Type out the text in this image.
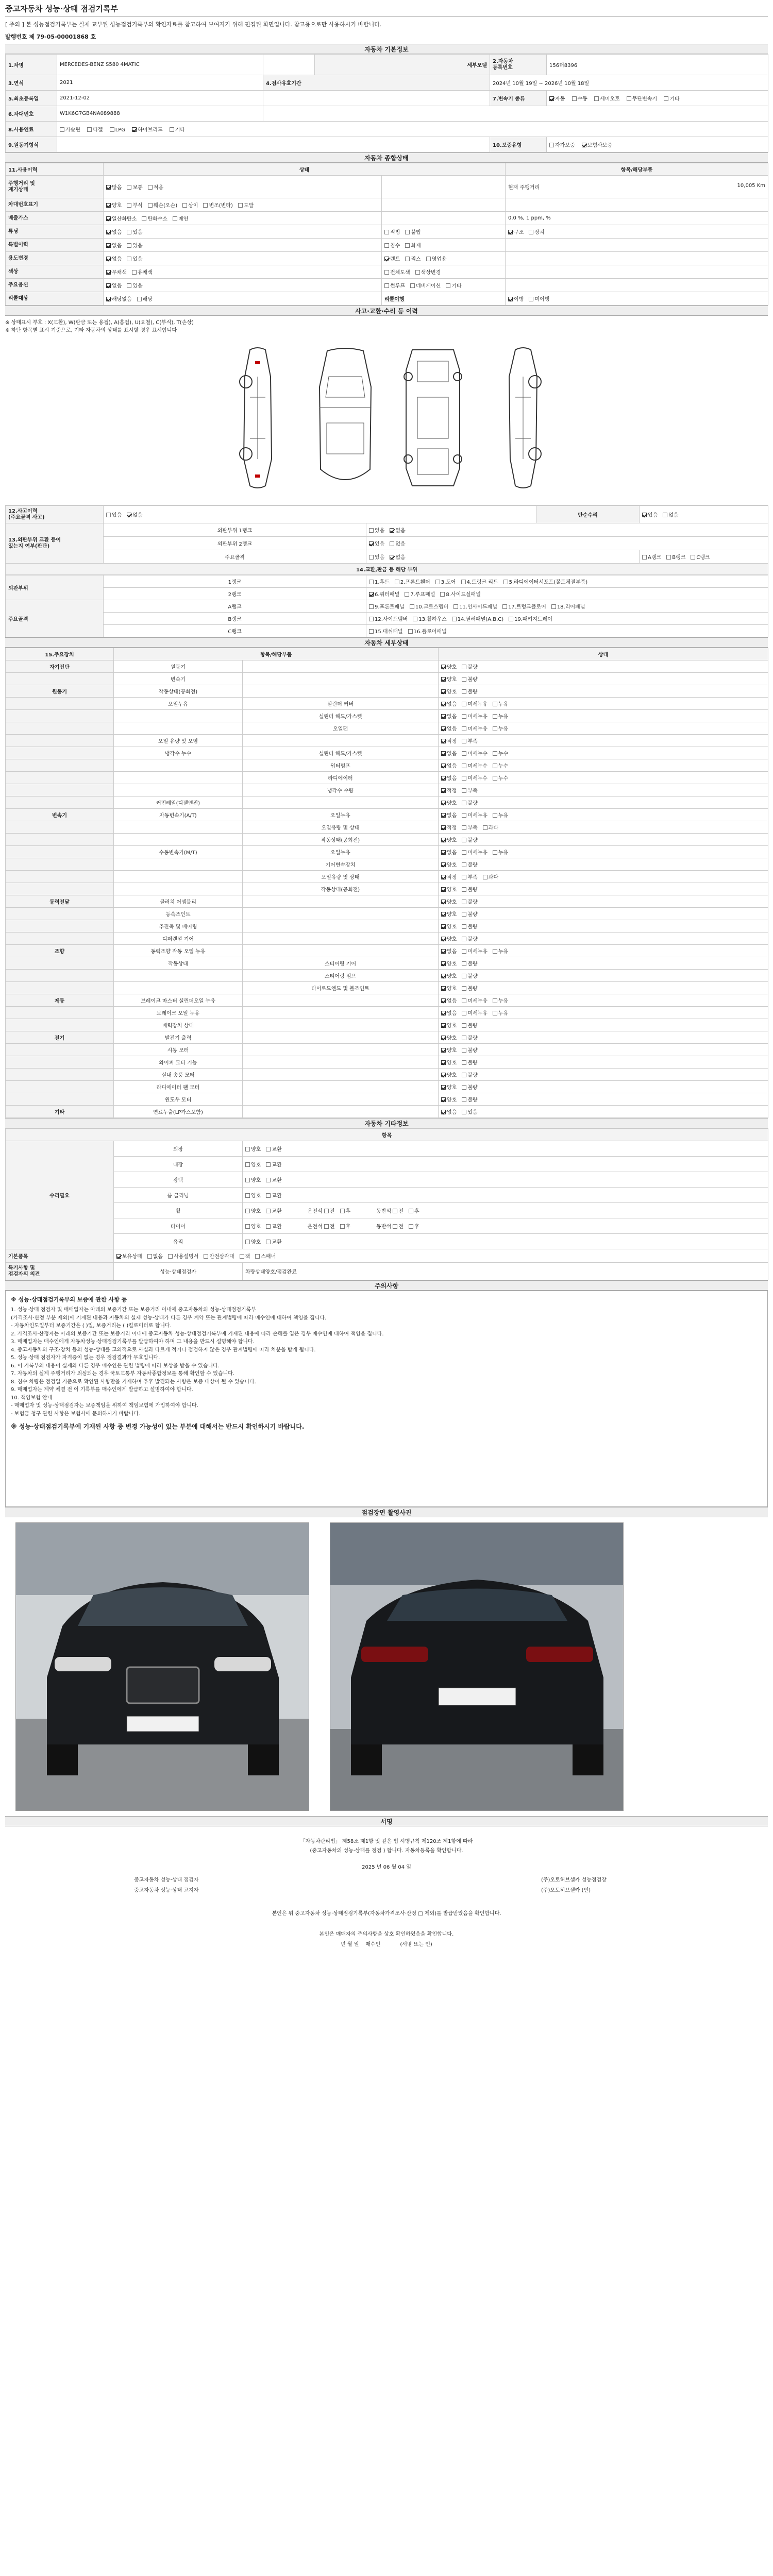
중고자동차 성능·상태 점검기록부
[ 주의 ] 본 성능점검기록부는 실제 교부된 성능점검기록부의 확인자료를 참고하여 보여지기 위해 편집된 화면입니다. 참고용으로만 사용하시기 바랍니다.
발행번호 제 79-05-00001868 호
자동차 기본정보
1.차명	MERCEDES-BENZ S580 4MATIC		세부모델	2.자동차
등록번호	156더8396
3.연식	2021	4.검사유효기간		2024년 10월 19일 ~ 2026년 10월 18일	
5.최초등록일	2021-12-02			7.변속기 종류	자동 수동 세미오토 무단변속기 기타
6.차대번호	W1K6G7GB4NA089888				
8.사용연료	가솔린 디젤 LPG 하이브리드 기타				
9.원동기형식				10.보증유형	자가보증 보험사보증
자동차 종합상태
11.사용이력	상태		항목/해당부품
주행거리 및
계기상태	많음 보통 적음		현재 주행거리 10,005 Km

차대번호표기	양호 부식 훼손(오손) 상이 변조(변타) 도말		
배출가스	일산화탄소 탄화수소 매연		0.0 %, 1 ppm, %
튜닝	없음 있음	적법 불법	구조 장치
특별이력	없음 있음	침수 화재	
용도변경	없음 있음	렌트 리스 영업용	
색상	무채색 유채색	전체도색 색상변경	
주요옵션	없음 있음	썬루프 네비게이션 기타	
리콜대상	해당없음 해당	리콜이행	이행 미이행
사고·교환·수리 등 이력
※ 상태표시 부호 : X(교환), W(판금 또는 용접), A(흠집), U(요철), C(부식), T(손상)
※ 하단 항목별 표시 기준으로, 기타 자동차의 상태를 표시할 경우 표시합니다
12.사고이력
(주요골격 사고)	있음 없음		단순수리	있음 없음
13.외판부위 교환 등이
있는지 여부(판단)	외판부위 1랭크	있음 없음		
	외판부위 2랭크	있음 없음		
	주요골격	있음 없음		A랭크 B랭크 C랭크
14.교환,판금 등 해당 부위				
외판부위	1랭크	1.후드 2.프론트휀더 3.도어 4.트렁크 리드 5.라디에이터서포트(볼트체결부품)
	2랭크	6.쿼터패널 7.루프패널 8.사이드실패널
주요골격	A랭크	9.프론트패널 10.크로스멤버 11.인사이드패널 17.트렁크플로어 18.리어패널
	B랭크	12.사이드멤버 13.휠하우스 14.필러패널(A,B,C) 19.패키지트레이
	C랭크	15.대쉬패널 16.플로어패널
자동차 세부상태
15.주요장치	항목/해당부품		상태
자기진단	원동기		양호 불량
	변속기		양호 불량
원동기	작동상태(공회전)		양호 불량
	오일누유	실린더 커버	없음 미세누유 누유
		실린더 헤드/가스켓	없음 미세누유 누유
		오일팬	없음 미세누유 누유
	오일 유량 및 오염		적정 부족
	냉각수 누수	실린더 헤드/가스켓	없음 미세누수 누수
		워터펌프	없음 미세누수 누수
		라디에이터	없음 미세누수 누수
		냉각수 수량	적정 부족
	커먼레일(디젤엔진)		양호 불량
변속기	자동변속기(A/T)	오일누유	없음 미세누유 누유
		오일유량 및 상태	적정 부족 과다
		작동상태(공회전)	양호 불량
	수동변속기(M/T)	오일누유	없음 미세누유 누유
		기어변속장치	양호 불량
		오일유량 및 상태	적정 부족 과다
		작동상태(공회전)	양호 불량
동력전달	클러치 어셈블리		양호 불량
	등속조인트		양호 불량
	추진축 및 베어링		양호 불량
	디퍼렌셜 기어		양호 불량
조향	동력조향 작동 오일 누유		없음 미세누유 누유
	작동상태	스티어링 기어	양호 불량
		스티어링 펌프	양호 불량
		타이로드엔드 및 볼조인트	양호 불량
제동	브레이크 마스터 실린더오일 누유		없음 미세누유 누유
	브레이크 오일 누유		없음 미세누유 누유
	배력장치 상태		양호 불량
전기	발전기 출력		양호 불량
	시동 모터		양호 불량
	와이퍼 모터 기능		양호 불량
	실내 송풍 모터		양호 불량
	라디에이터 팬 모터		양호 불량
	윈도우 모터		양호 불량
기타	연료누출(LP가스포함)		없음 있음
자동차 기타정보
항목		
수리필요	외장	양호 교환
	내장	양호 교환
	광택	양호 교환
	룸 클리닝	양호 교환
	휠	양호 교환 운전석 전 후 동반석 전 후
	타이어	양호 교환 운전석 전 후 동반석 전 후
	유리	양호 교환
기본품목	보유상태 없음 사용설명서 안전삼각대 잭 스패너	
특기사항 및
점검자의 의견	성능·상태점검자	차량상태양호/점검완료
주의사항
※ 성능·상태점검기록부의 보증에 관한 사항 등
1. 성능·상태 점검자 및 매매업자는 아래의 보증기간 또는 보증거리 이내에 중고자동차의 성능·상태점검기록부
(가격조사·산정 부분 제외)에 기재된 내용과 자동차의 실제 성능·상태가 다른 경우 계약 또는 관계법령에 따라 매수인에 대하여 책임을 집니다.
- 자동차인도일부터 보증기간은 ( )일, 보증거리는 ( )킬로미터로 합니다.
2. 가격조사·산정자는 아래의 보증기간 또는 보증거리 이내에 중고자동차 성능·상태점검기록부에 기재된 내용에 따라 손해를 입은 경우 매수인에 대하여 책임을 집니다.
3. 매매업자는 매수인에게 자동차성능·상태점검기록부를 발급하여야 하며 그 내용을 반드시 설명해야 합니다.
4. 중고자동차의 구조·장치 등의 성능·상태를 고의적으로 사실과 다르게 적거나 점검하지 않은 경우 관계법령에 따라 처분을 받게 됩니다.
5. 성능·상태 점검자가 자격증이 없는 경우 점검결과가 무효입니다.
6. 이 기록부의 내용이 실제와 다른 경우 매수인은 관련 법령에 따라 보상을 받을 수 있습니다.
7. 자동차의 실제 주행거리가 의심되는 경우 국토교통부 자동차종합정보를 통해 확인할 수 있습니다.
8. 침수 차량은 점검일 기준으로 확인된 사항만을 기재하며 추후 발견되는 사항은 보증 대상이 될 수 있습니다.
9. 매매업자는 계약 체결 전 이 기록부를 매수인에게 발급하고 설명하여야 합니다.
10. 책임보험 안내
- 매매업자 및 성능·상태점검자는 보증책임을 위하여 책임보험에 가입하여야 합니다.
- 보험금 청구 관련 사항은 보험사에 문의하시기 바랍니다.
※ 성능·상태점검기록부에 기재된 사항 중 변경 가능성이 있는 부분에 대해서는 반드시 확인하시기 바랍니다.
점검장면 촬영사진
서명
「자동차관리법」 제58조 제1항 및 같은 법 시행규칙 제120조 제1항에 따라
(중고자동차의 성능·상태를 점검 ) 합니다. 자동차등록을 확인합니다.
2025 년 06 월 04 일
중고자동차 성능·상태 점검자	(주)오토허브셀카 성능점검장
중고자동차 성능·상태 고지자	(주)오토허브셀카 (인)
본인은 위 중고자동차 성능·상태점검기록부(자동차가격조사·산정 □ 제외)를 발급받았음을 확인합니다.
본인은 매매자의 주의사항을 상호 확인하였음을 확인합니다.
년 월 일 매수인	(서명 또는 인)
